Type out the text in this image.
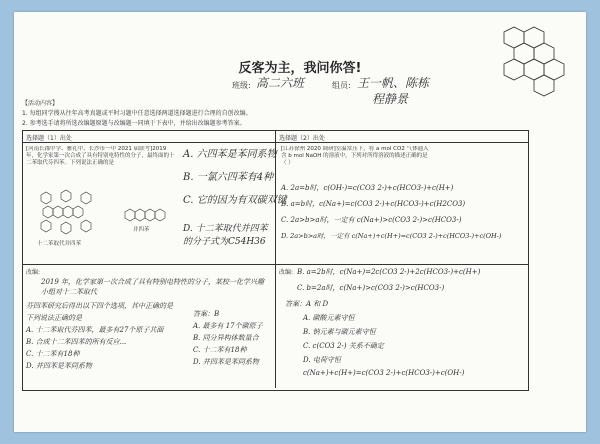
反客为主，我问你答!
班级: 高二六班	组员: 王一帆、陈栋
程静景
【活动内容】
1. 每组同学搜从往年高考真题或平时习题中任意选择两道选择题进行合理的自创改编。
2. 参考选手请将所选改编题原题与改编题一同填于下表中，并给出改编题参考答案。
选择题（1）出处
[河南长郡中学、雅礼中、长沙市一中 2021 届联考]2019 年，化学家第一次合成了具有特别电特性的分子，最终面的十二苯取代芬四苯。下列说法正确的是
十二苯取代并四苯
并四苯
A. 六四苯是苯同系物
B. 一氯六四苯有4种
C. 它的因为有双碳双键
D. 十二苯取代并四苯的分子式为C54H36
选择题（2）出处
[江苏徐州 2020 调研]室温常压下，将 a mol CO2 气体通入含 b mol NaOH 的溶液中，下列对所得溶液的描述正确的是（ ）
A. 2a=b时，c(OH-)=c(CO3 2-)+c(HCO3-)+c(H+)
B. a=b时，c(Na+)=c(CO3 2-)+c(HCO3-)+c(H2CO3)
C. 2a>b>a时，一定有 c(Na+)>c(CO3 2-)>c(HCO3-)
D. 2a>b>a时，一定有 c(Na+)+c(H+)=c(CO3 2-)+c(HCO3-)+c(OH-)
改编:
2019 年，化学家第一次合成了具有特别电特性的分子，某校一化学兴趣小组对十二苯取代
芬四苯研究后得出以下四个选项，其中正确的是
下列说法正确的是
A. 十二苯取代芬四苯，最多有27个原子共面
B. 合成十二苯四苯的所有反应...
C. 十二苯有18种
D. 并四苯是苯同系物
答案：B
A. 最多有 17个碳原子
B. 同分异构体数量合
C. 十二苯有18种
D. 并四苯是苯同系物
改编: B. a=2b时，c(Na+)=2c(CO3 2-)+2c(HCO3-)+c(H+)
C. b=2a时，c(Na+)>c(CO3 2-)>c(HCO3-)
答案：A 和 D
A. 碳酸元素守恒
B. 钠元素与碳元素守恒
C. c(CO3 2-) 关系不确定
D. 电荷守恒
c(Na+)+c(H+)=c(CO3 2-)+c(HCO3-)+c(OH-)
